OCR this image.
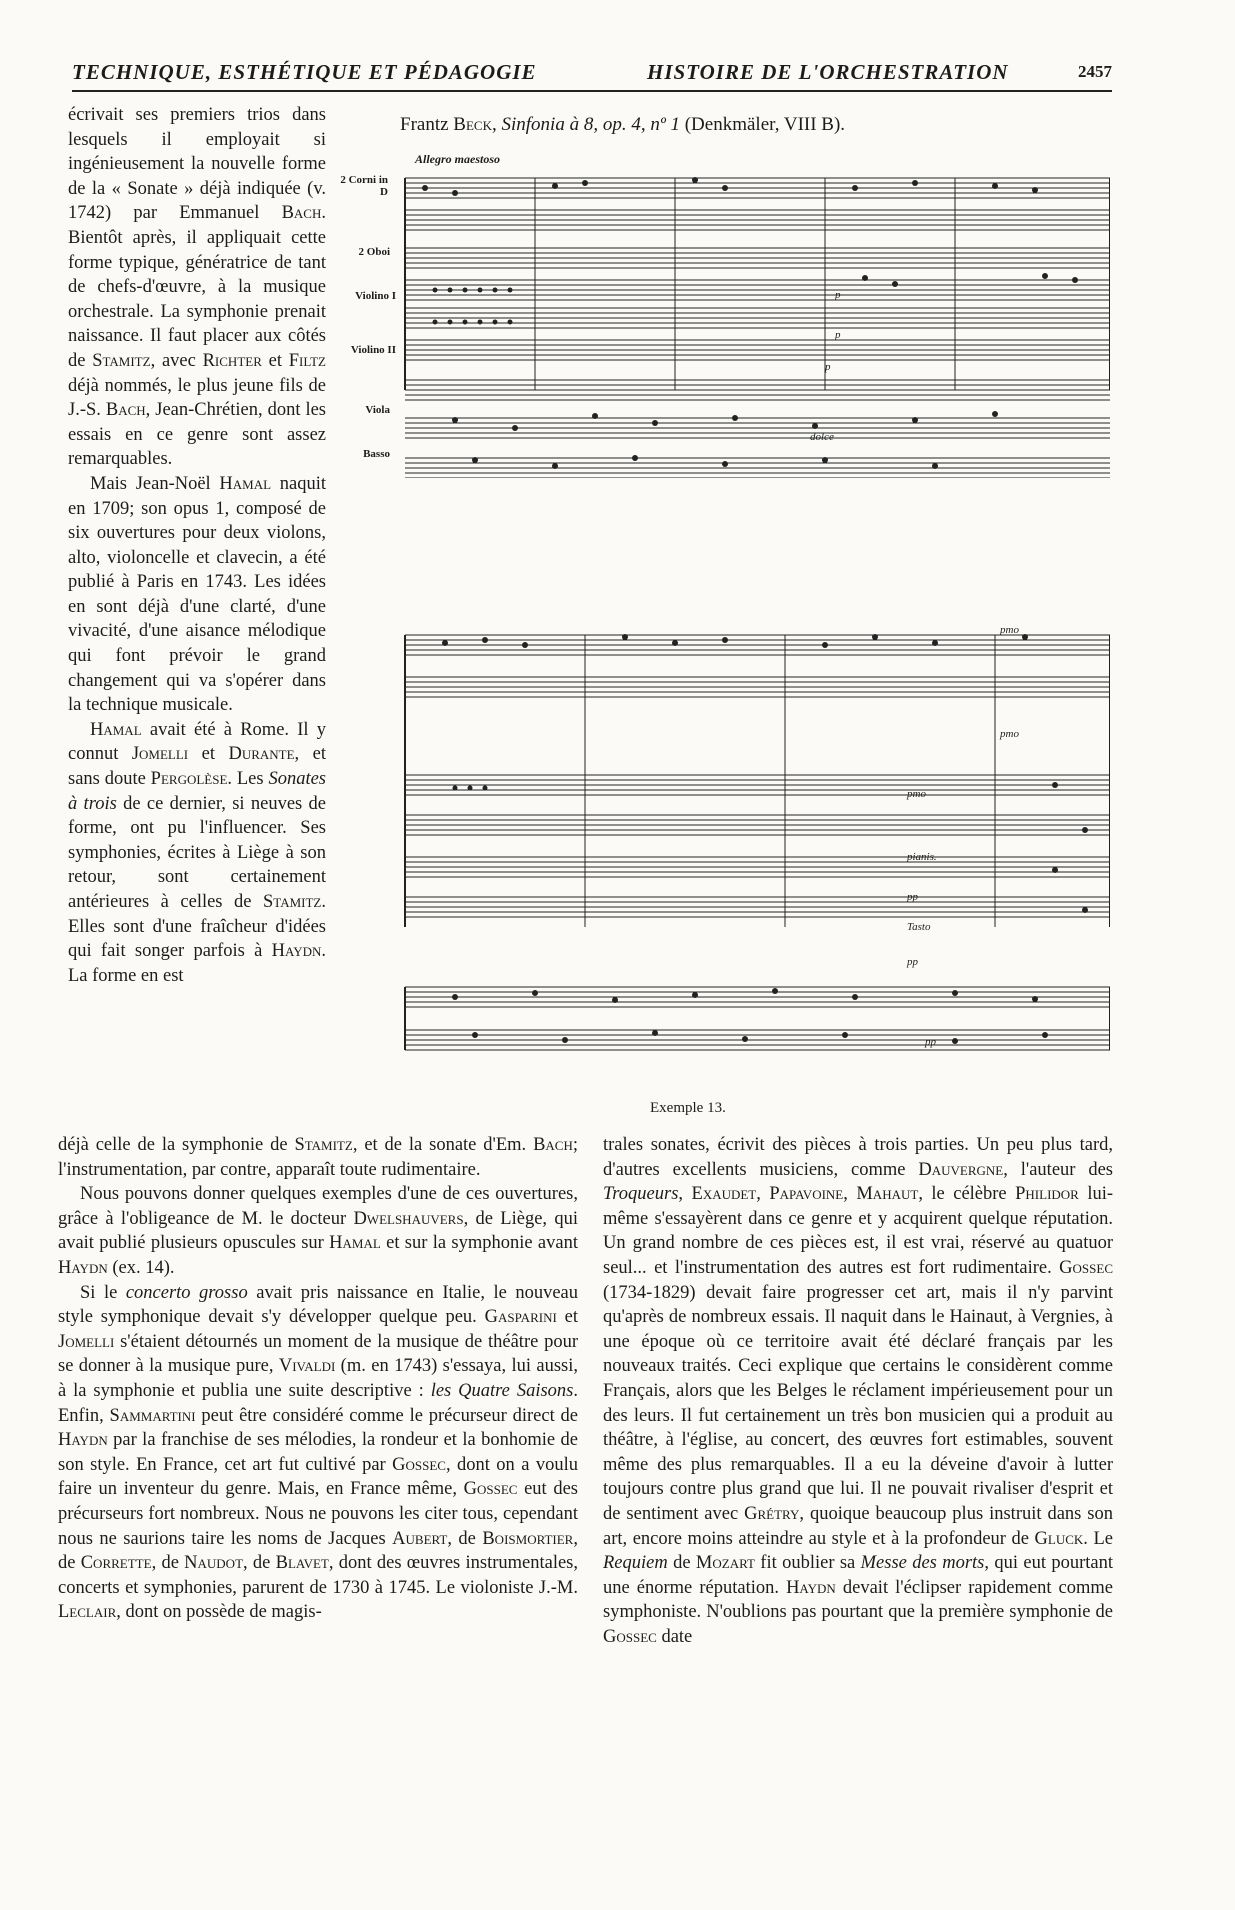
TECHNIQUE, ESTHÉTIQUE ET PÉDAGOGIE	HISTOIRE DE L'ORCHESTRATION	2457

écrivait ses premiers trios dans lesquels il employait si ingénieusement la nouvelle forme de la « Sonate » déjà indiquée (v. 1742) par Emmanuel Bach. Bientôt après, il appliquait cette forme typique, génératrice de tant de chefs-d'œuvre, à la musique orchestrale. La symphonie prenait naissance. Il faut placer aux côtés de Stamitz, avec Richter et Filtz déjà nommés, le plus jeune fils de J.-S. Bach, Jean-Chrétien, dont les essais en ce genre sont assez remarquables.

Mais Jean-Noël Hamal naquit en 1709; son opus 1, composé de six ouvertures pour deux violons, alto, violoncelle et clavecin, a été publié à Paris en 1743. Les idées en sont déjà d'une clarté, d'une vivacité, d'une aisance mélodique qui font prévoir le grand changement qui va s'opérer dans la technique musicale.

Hamal avait été à Rome. Il y connut Jomelli et Durante, et sans doute Pergolèse. Les Sonates à trois de ce dernier, si neuves de forme, ont pu l'influencer. Ses symphonies, écrites à Liège à son retour, sont certainement antérieures à celles de Stamitz. Elles sont d'une fraîcheur d'idées qui fait songer parfois à Haydn. La forme en est

Frantz Beck, Sinfonia à 8, op. 4, nº 1 (Denkmäler, VIII B).
Allegro maestoso
2 Corni in D
2 Oboi
Violino I
Violino II
Viola
Basso
p
p
p
dolce
pmo
pmo
pmo
pianis.
pp
Tasto
pp
pp
Exemple 13.

déjà celle de la symphonie de Stamitz, et de la sonate d'Em. Bach; l'instrumentation, par contre, apparaît toute rudimentaire.

Nous pouvons donner quelques exemples d'une de ces ouvertures, grâce à l'obligeance de M. le docteur Dwelshauvers, de Liège, qui avait publié plusieurs opuscules sur Hamal et sur la symphonie avant Haydn (ex. 14).

Si le concerto grosso avait pris naissance en Italie, le nouveau style symphonique devait s'y développer quelque peu. Gasparini et Jomelli s'étaient détournés un moment de la musique de théâtre pour se donner à la musique pure, Vivaldi (m. en 1743) s'essaya, lui aussi, à la symphonie et publia une suite descriptive : les Quatre Saisons. Enfin, Sammartini peut être considéré comme le précurseur direct de Haydn par la franchise de ses mélodies, la rondeur et la bonhomie de son style. En France, cet art fut cultivé par Gossec, dont on a voulu faire un inventeur du genre. Mais, en France même, Gossec eut des précurseurs fort nombreux. Nous ne pouvons les citer tous, cependant nous ne saurions taire les noms de Jacques Aubert, de Boismortier, de Corrette, de Naudot, de Blavet, dont des œuvres instrumentales, concerts et symphonies, parurent de 1730 à 1745. Le violoniste J.-M. Leclair, dont on possède de magis-

trales sonates, écrivit des pièces à trois parties. Un peu plus tard, d'autres excellents musiciens, comme Dauvergne, l'auteur des Troqueurs, Exaudet, Papavoine, Mahaut, le célèbre Philidor lui-même s'essayèrent dans ce genre et y acquirent quelque réputation. Un grand nombre de ces pièces est, il est vrai, réservé au quatuor seul... et l'instrumentation des autres est fort rudimentaire. Gossec (1734-1829) devait faire progresser cet art, mais il n'y parvint qu'après de nombreux essais. Il naquit dans le Hainaut, à Vergnies, à une époque où ce territoire avait été déclaré français par les nouveaux traités. Ceci explique que certains le considèrent comme Français, alors que les Belges le réclament impérieusement pour un des leurs. Il fut certainement un très bon musicien qui a produit au théâtre, à l'église, au concert, des œuvres fort estimables, souvent même des plus remarquables. Il a eu la déveine d'avoir à lutter toujours contre plus grand que lui. Il ne pouvait rivaliser d'esprit et de sentiment avec Grétry, quoique beaucoup plus instruit dans son art, encore moins atteindre au style et à la profondeur de Gluck. Le Requiem de Mozart fit oublier sa Messe des morts, qui eut pourtant une énorme réputation. Haydn devait l'éclipser rapidement comme symphoniste. N'oublions pas pourtant que la première symphonie de Gossec date
